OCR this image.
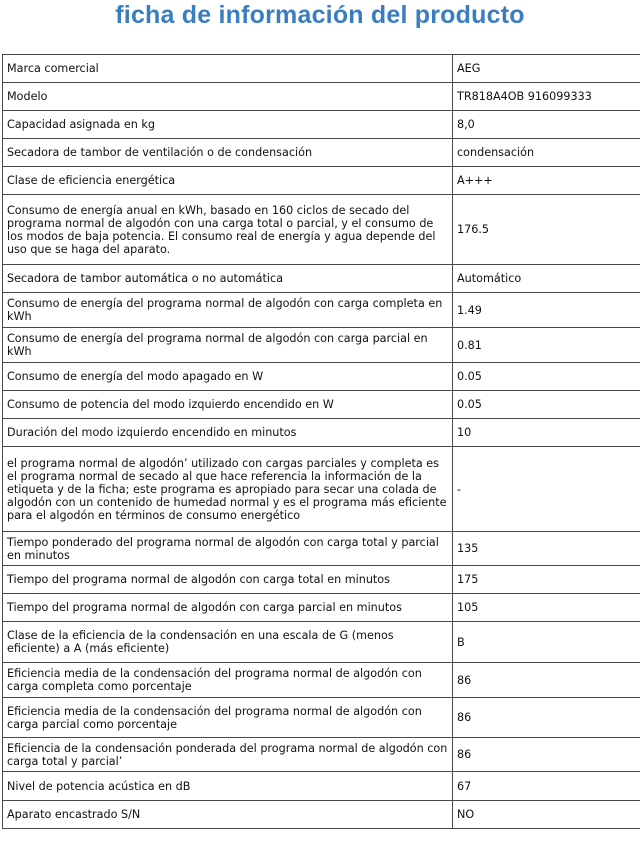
ficha de información del producto
Marca comercial	AEG
Modelo	TR818A4OB 916099333
Capacidad asignada en kg	8,0
Secadora de tambor de ventilación o de condensación	condensación
Clase de eficiencia energética	A+++
Consumo de energía anual en kWh, basado en 160 ciclos de secado del programa normal de algodón con una carga total o parcial, y el consumo de los modos de baja potencia. El consumo real de energía y agua depende del uso que se haga del aparato.	176.5
Secadora de tambor automática o no automática	Automático
Consumo de energía del programa normal de algodón con carga completa en kWh	1.49
Consumo de energía del programa normal de algodón con carga parcial en kWh	0.81
Consumo de energía del modo apagado en W	0.05
Consumo de potencia del modo izquierdo encendido en W	0.05
Duración del modo izquierdo encendido en minutos	10
el programa normal de algodón’ utilizado con cargas parciales y completa es el programa normal de secado al que hace referencia la información de la etiqueta y de la ficha; este programa es apropiado para secar una colada de algodón con un contenido de humedad normal y es el programa más eficiente para el algodón en términos de consumo energético	-
Tiempo ponderado del programa normal de algodón con carga total y parcial en minutos	135
Tiempo del programa normal de algodón con carga total en minutos	175
Tiempo del programa normal de algodón con carga parcial en minutos	105
Clase de la eficiencia de la condensación en una escala de G (menos eficiente) a A (más eficiente)	B
Eficiencia media de la condensación del programa normal de algodón con carga completa como porcentaje	86
Eficiencia media de la condensación del programa normal de algodón con carga parcial como porcentaje	86
Eficiencia de la condensación ponderada del programa normal de algodón con carga total y parcial’	86
Nivel de potencia acústica en dB	67
Aparato encastrado S/N	NO
